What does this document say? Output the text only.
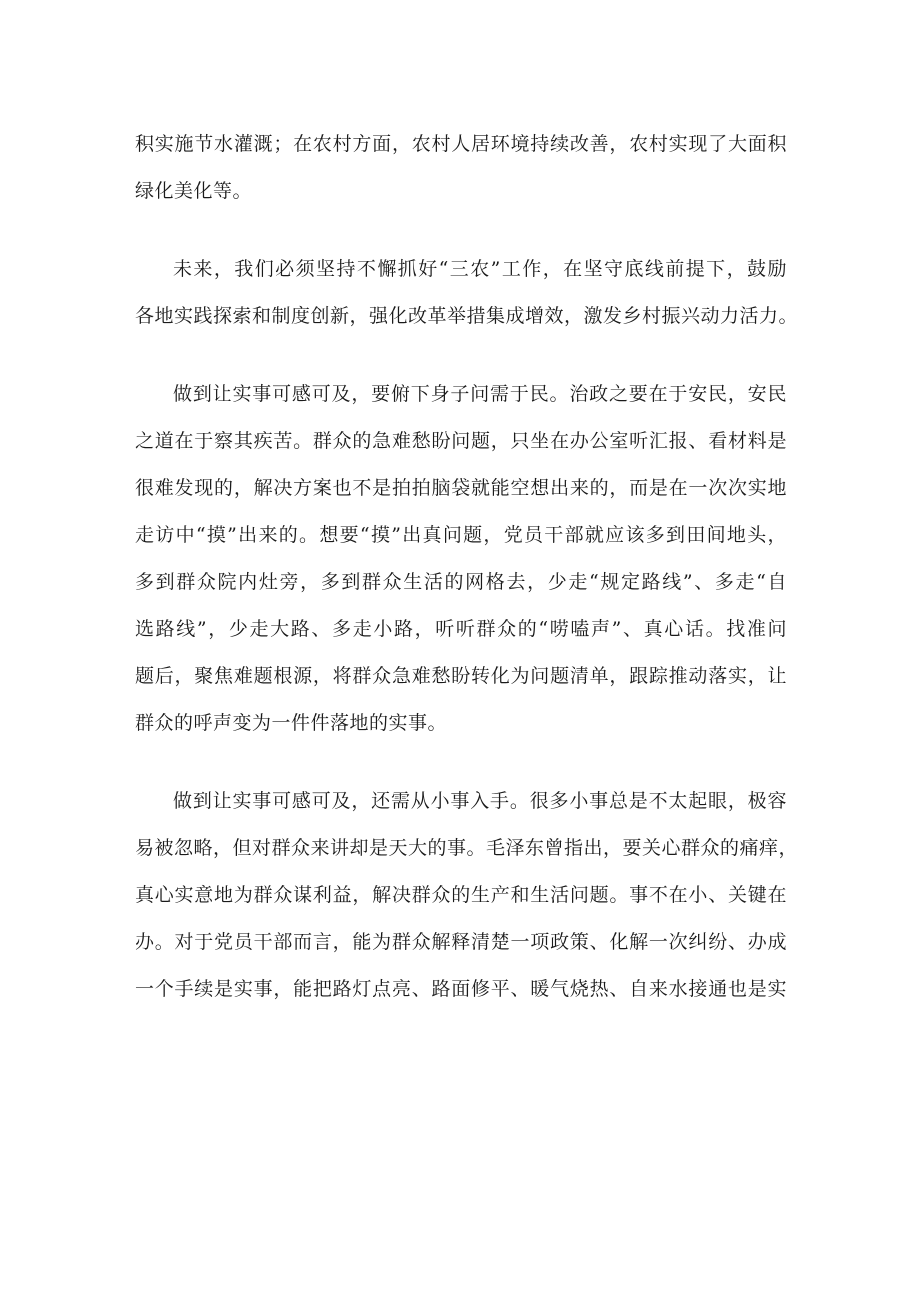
积实施节水灌溉；在农村方面，农村人居环境持续改善，农村实现了大面积

绿化美化等。

未来，我们必须坚持不懈抓好“三农”工作，在坚守底线前提下，鼓励

各地实践探索和制度创新，强化改革举措集成增效，激发乡村振兴动力活力。

做到让实事可感可及，要俯下身子问需于民。治政之要在于安民，安民

之道在于察其疾苦。群众的急难愁盼问题，只坐在办公室听汇报、看材料是

很难发现的，解决方案也不是拍拍脑袋就能空想出来的，而是在一次次实地

走访中“摸”出来的。想要“摸”出真问题，党员干部就应该多到田间地头，

多到群众院内灶旁，多到群众生活的网格去，少走“规定路线”、多走“自

选路线”，少走大路、多走小路，听听群众的“唠嗑声”、真心话。找准问

题后，聚焦难题根源，将群众急难愁盼转化为问题清单，跟踪推动落实，让

群众的呼声变为一件件落地的实事。

做到让实事可感可及，还需从小事入手。很多小事总是不太起眼，极容

易被忽略，但对群众来讲却是天大的事。毛泽东曾指出，要关心群众的痛痒，

真心实意地为群众谋利益，解决群众的生产和生活问题。事不在小、关键在

办。对于党员干部而言，能为群众解释清楚一项政策、化解一次纠纷、办成

一个手续是实事，能把路灯点亮、路面修平、暖气烧热、自来水接通也是实
